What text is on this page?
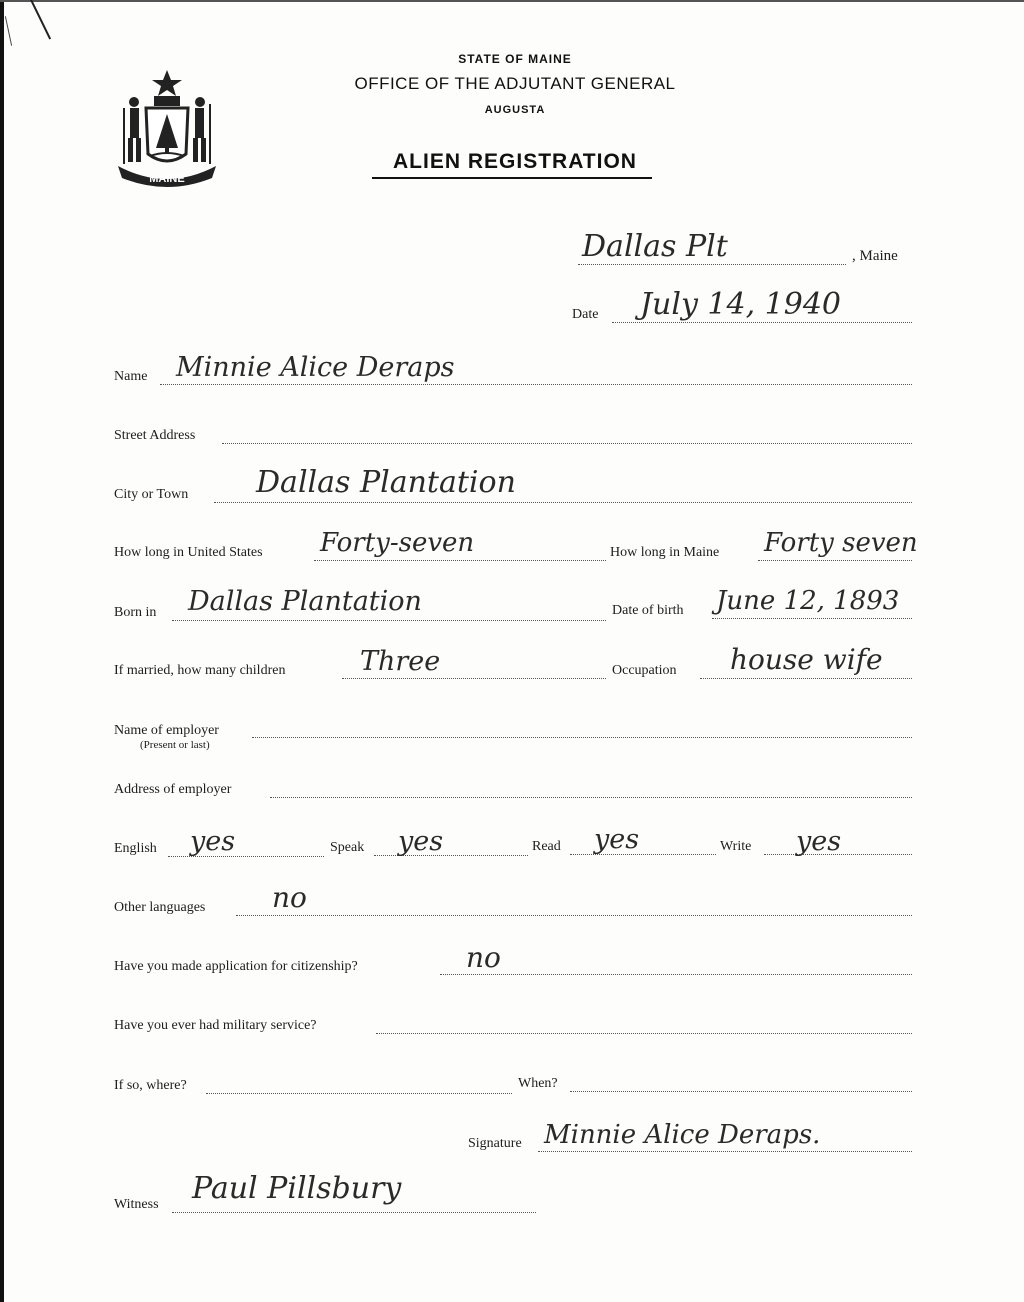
MAINE
STATE OF MAINE
OFFICE OF THE ADJUTANT GENERAL
AUGUSTA
ALIEN REGISTRATION
Dallas Plt	, Maine
Date July 14, 1940
Name Minnie Alice Deraps
Street Address
City or Town Dallas Plantation
How long in United States Forty-seven	How long in Maine Forty seven
Born in Dallas Plantation	Date of birth June 12, 1893
If married, how many children	Three	Occupation house wife
Name of employer
(Present or last)
Address of employer
English yes	Speak yes	Read yes	Write yes
Other languages no
Have you made application for citizenship?	no
Have you ever had military service?
If so, where?	When?
Signature Minnie Alice Deraps.
Witness Paul Pillsbury
